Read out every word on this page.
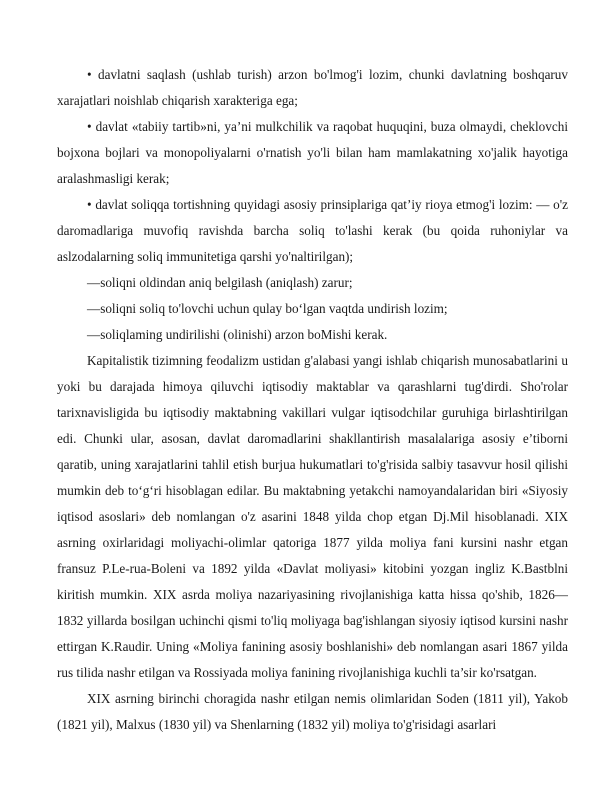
• davlatni saqlash (ushlab turish) arzon bo'lmog'i lozim, chunki davlatning boshqaruv xarajatlari noishlab chiqarish xarakteriga ega;

• davlat «tabiiy tartib»ni, ya’ni mulkchilik va raqobat huquqini, buza olmaydi, cheklovchi bojxona bojlari va monopoliyalarni o'rnatish yo'li bilan ham mamlakatning xo'jalik hayotiga aralashmasligi kerak;

• davlat soliqqa tortishning quyidagi asosiy prinsiplariga qat’iy rioya etmog'i lozim: — o'z daromadlariga muvofiq ravishda barcha soliq to'lashi kerak (bu qoida ruhoniylar va aslzodalarning soliq immunitetiga qarshi yo'naltirilgan);

—soliqni oldindan aniq belgilash (aniqlash) zarur;

—soliqni soliq to'lovchi uchun qulay bo‘lgan vaqtda undirish lozim;

—soliqlaming undirilishi (olinishi) arzon boMishi kerak.

Kapitalistik tizimning feodalizm ustidan g'alabasi yangi ishlab chiqarish munosabatlarini u yoki bu darajada himoya qiluvchi iqtisodiy maktablar va qarashlarni tug'dirdi. Sho'rolar tarixnavisligida bu iqtisodiy maktabning vakillari vulgar iqtisodchilar guruhiga birlashtirilgan edi. Chunki ular, asosan, davlat daromadlarini shakllantirish masalalariga asosiy e’tiborni qaratib, uning xarajatlarini tahlil etish burjua hukumatlari to'g'risida salbiy tasavvur hosil qilishi mumkin deb to‘g‘ri hisoblagan edilar. Bu maktabning yetakchi namoyandalaridan biri «Siyosiy iqtisod asoslari» deb nomlangan o'z asarini 1848 yilda chop etgan Dj.Mil hisoblanadi. XIX asrning oxirlaridagi moliyachi-olimlar qatoriga 1877 yilda moliya fani kursini nashr etgan fransuz P.Le-rua-Boleni va 1892 yilda «Davlat moliyasi» kitobini yozgan ingliz K.Bastblni kiritish mumkin. XIX asrda moliya nazariyasining rivojlanishiga katta hissa qo'shib, 1826—1832 yillarda bosilgan uchinchi qismi to'liq moliyaga bag'ishlangan siyosiy iqtisod kursini nashr ettirgan K.Raudir. Uning «Moliya fanining asosiy boshlanishi» deb nomlangan asari 1867 yilda rus tilida nashr etilgan va Rossiyada moliya fanining rivojlanishiga kuchli ta’sir ko'rsatgan.

XIX asrning birinchi choragida nashr etilgan nemis olimlaridan Soden (1811 yil), Yakob (1821 yil), Malxus (1830 yil) va Shenlarning (1832 yil) moliya to'g'risidagi asarlari
